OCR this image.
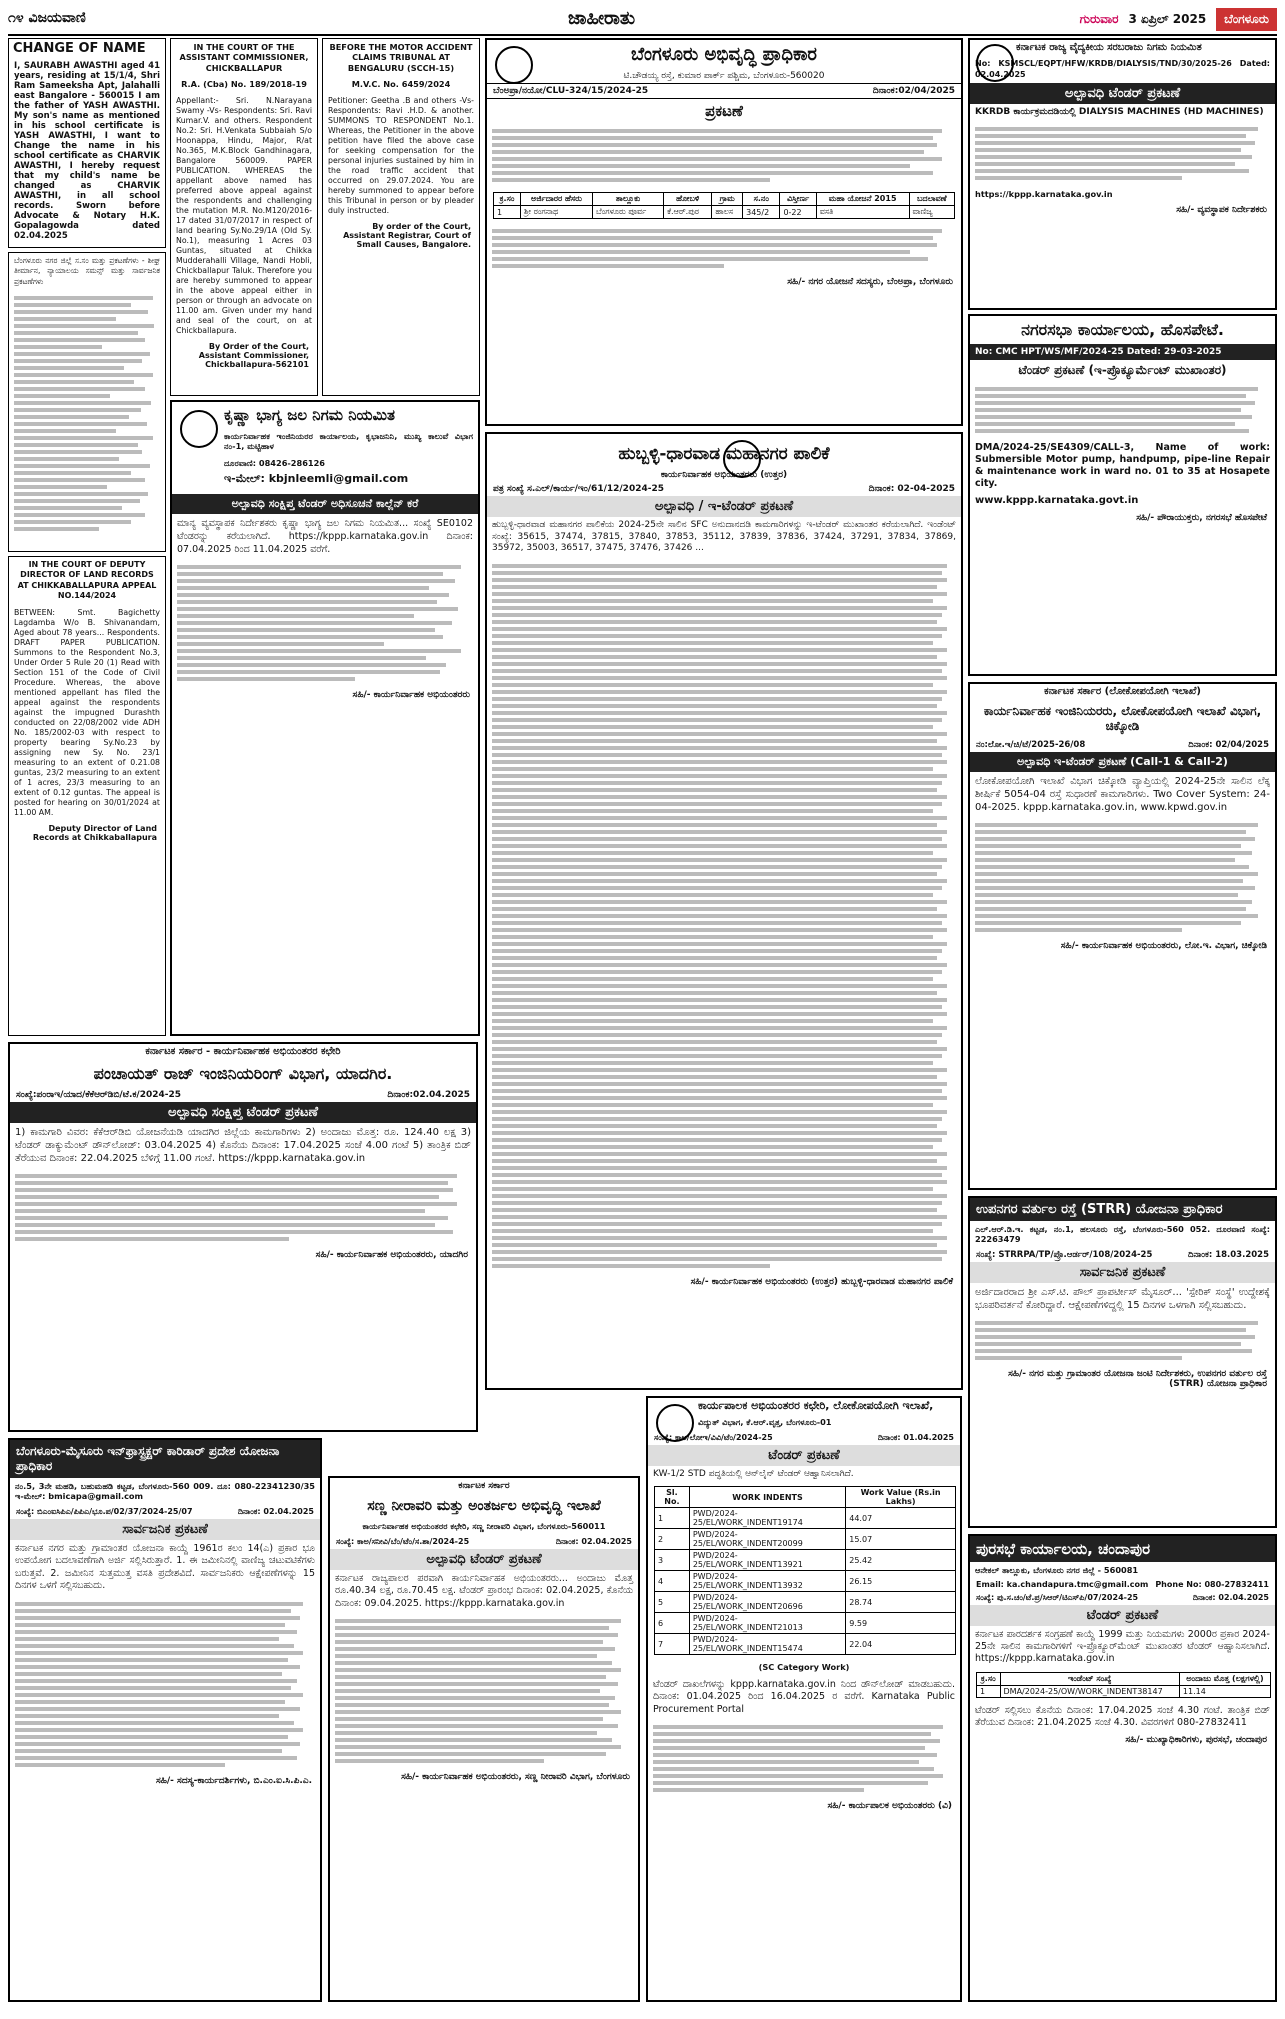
೧೪ ವಿಜಯವಾಣಿ	ಜಾಹೀರಾತು	ಗುರುವಾರ 3 ಏಪ್ರಿಲ್ 2025	ಬೆಂಗಳೂರು
CHANGE OF NAME
I, SAURABH AWASTHI aged 41 years, residing at 15/1/4, Shri Ram Sameeksha Apt, Jalahalli east Bangalore - 560015 I am the father of YASH AWASTHI. My son's name as mentioned in his school certificate is YASH AWASTHI, I want to Change the name in his school certificate as CHARVIK AWASTHI, I hereby request that my child's name be changed as CHARVIK AWASTHI, in all school records. Sworn before Advocate & Notary H.K. Gopalagowda dated 02.04.2025
ಬೆಂಗಳೂರು ನಗರ ಜಿಲ್ಲೆ ಸ.ಸಂ ಮತ್ತು ಪ್ರಕಟಣೆಗಳು - ಶೀಘ್ರ ತೀರ್ಮಾನ, ನ್ಯಾಯಾಲಯ ಸಮನ್ಸ್ ಮತ್ತು ಸಾರ್ವಜನಿಕ ಪ್ರಕಟಣೆಗಳು
IN THE COURT OF DEPUTY DIRECTOR OF LAND RECORDS AT CHIKKABALLAPURA APPEAL NO.144/2024
BETWEEN: Smt. Bagichetty Lagdamba W/o B. Shivanandam, Aged about 78 years... Respondents. DRAFT PAPER PUBLICATION. Summons to the Respondent No.3, Under Order 5 Rule 20 (1) Read with Section 151 of the Code of Civil Procedure. Whereas, the above mentioned appellant has filed the appeal against the respondents against the impugned Durashth conducted on 22/08/2002 vide ADH No. 185/2002-03 with respect to property bearing Sy.No.23 by assigning new Sy. No. 23/1 measuring to an extent of 0.21.08 guntas, 23/2 measuring to an extent of 1 acres, 23/3 measuring to an extent of 0.12 guntas. The appeal is posted for hearing on 30/01/2024 at 11.00 AM.
Deputy Director of Land Records at Chikkaballapura
IN THE COURT OF THE ASSISTANT COMMISSIONER, CHICKBALLAPUR
R.A. (Cba) No. 189/2018-19
Appellant:- Sri. N.Narayana Swamy -Vs- Respondents: Sri. Ravi Kumar.V. and others. Respondent No.2: Sri. H.Venkata Subbaiah S/o Hoonappa, Hindu, Major, R/at No.365, M.K.Block Gandhinagara, Bangalore 560009. PAPER PUBLICATION. WHEREAS the appellant above named has preferred above appeal against the respondents and challenging the mutation M.R. No.M120/2016-17 dated 31/07/2017 in respect of land bearing Sy.No.29/1A (Old Sy. No.1), measuring 1 Acres 03 Guntas, situated at Chikka Mudderahalli Village, Nandi Hobli, Chickballapur Taluk. Therefore you are hereby summoned to appear in the above appeal either in person or through an advocate on 11.00 am. Given under my hand and seal of the court, on at Chickballapura.
By Order of the Court, Assistant Commissioner, Chickballapura-562101
BEFORE THE MOTOR ACCIDENT CLAIMS TRIBUNAL AT BENGALURU (SCCH-15)
M.V.C. No. 6459/2024
Petitioner: Geetha .B and others -Vs- Respondents: Ravi .H.D. & another. SUMMONS TO RESPONDENT No.1. Whereas, the Petitioner in the above petition have filed the above case for seeking compensation for the personal injuries sustained by him in the road traffic accident that occurred on 29.07.2024. You are hereby summoned to appear before this Tribunal in person or by pleader duly instructed.
By order of the Court, Assistant Registrar, Court of Small Causes, Bangalore.
ಕೃಷ್ಣಾ ಭಾಗ್ಯ ಜಲ ನಿಗಮ ನಿಯಮಿತ
ಕಾರ್ಯನಿರ್ವಾಹಕ ಇಂಜಿನಿಯರರ ಕಾರ್ಯಾಲಯ, ಕೃಭಾಜನಿನಿ, ಮುಖ್ಯ ಕಾಲುವೆ ವಿಭಾಗ ನಂ-1, ಮಟ್ಟಿಹಾಳ
ದೂರವಾಣಿ: 08426-286126
ಇ-ಮೇಲ್: kbjnleemli@gmail.com
ಅಲ್ಪಾವಧಿ ಸಂಕ್ಷಿಪ್ತ ಟೆಂಡರ್ ಅಧಿಸೂಚನೆ ಕಾಲ್ಲೆನ್ ಕರೆ
ಮಾನ್ಯ ವ್ಯವಸ್ಥಾಪಕ ನಿರ್ದೇಶಕರು ಕೃಷ್ಣಾ ಭಾಗ್ಯ ಜಲ ನಿಗಮ ನಿಯಮಿತ... ಸಂಖ್ಯೆ SE0102 ಟೆಂಡರನ್ನು ಕರೆಯಲಾಗಿದೆ. https://kppp.karnataka.gov.in ದಿನಾಂಕ: 07.04.2025 ರಿಂದ 11.04.2025 ವರೆಗೆ.
ಸಹಿ/- ಕಾರ್ಯನಿರ್ವಾಹಕ ಅಭಿಯಂತರರು
ಬೆಂಗಳೂರು ಅಭಿವೃದ್ಧಿ ಪ್ರಾಧಿಕಾರ
ಟಿ.ಚೌಡಯ್ಯ ರಸ್ತೆ, ಕುಮಾರ ಪಾರ್ಕ್ ಪಶ್ಚಿಮ, ಬೆಂಗಳೂರು-560020
ಬೆಂಅಪ್ರಾ/ನಯೋ/CLU-324/15/2024-25	ದಿನಾಂಕ:02/04/2025
ಪ್ರಕಟಣೆ
ಕ್ರ.ಸಂ	ಅರ್ಜಿದಾರರ ಹೆಸರು	ತಾಲ್ಲೂಕು	ಹೋಬಳಿ	ಗ್ರಾಮ	ಸ.ನಂ	ವಿಸ್ತೀರ್ಣ	ಮಹಾ ಯೋಜನೆ 2015	ಬದಲಾವಣೆ
1	ಶ್ರೀ ರಂಗನಾಥ	ಬೆಂಗಳೂರು ಪೂರ್ವ	ಕೆ.ಆರ್.ಪುರ	ಹಾಲಸ	345/2	0-22	ವಸತಿ	ವಾಣಿಜ್ಯ
ಸಹಿ/- ನಗರ ಯೋಜನೆ ಸದಸ್ಯರು, ಬೆಂಅಪ್ರಾ, ಬೆಂಗಳೂರು
ಹುಬ್ಬಳ್ಳಿ-ಧಾರವಾಡ ಮಹಾನಗರ ಪಾಲಿಕೆ
ಕಾರ್ಯನಿರ್ವಾಹಕ ಅಭಿಯಂತರರು (ಉತ್ತರ)
ಪತ್ರ ಸಂಖ್ಯೆ ಸ.ಎಲ್/ಕಾರ್ಯ/ಇಂ/61/12/2024-25	ದಿನಾಂಕ: 02-04-2025
ಅಲ್ಪಾವಧಿ / ಇ-ಟೆಂಡರ್ ಪ್ರಕಟಣೆ
ಹುಬ್ಬಳ್ಳಿ-ಧಾರವಾಡ ಮಹಾನಗರ ಪಾಲಿಕೆಯ 2024-25ನೇ ಸಾಲಿನ SFC ಅನುದಾನದಡಿ ಕಾಮಗಾರಿಗಳನ್ನು ಇ-ಟೆಂಡರ್ ಮುಖಾಂತರ ಕರೆಯಲಾಗಿದೆ. ಇಂಡೆಂಟ್ ಸಂಖ್ಯೆ: 35615, 37474, 37815, 37840, 37853, 35112, 37839, 37836, 37424, 37291, 37834, 37869, 35972, 35003, 36517, 37475, 37476, 37426 ...
ಸಹಿ/- ಕಾರ್ಯನಿರ್ವಾಹಕ ಅಭಿಯಂತರರು (ಉತ್ತರ) ಹುಬ್ಬಳ್ಳಿ-ಧಾರವಾಡ ಮಹಾನಗರ ಪಾಲಿಕೆ
ಕರ್ನಾಟಕ ರಾಜ್ಯ ವೈದ್ಯಕೀಯ ಸರಬರಾಜು ನಿಗಮ ನಿಯಮಿತ
No: KSMSCL/EQPT/HFW/KRDB/DIALYSIS/TND/30/2025-26 Dated: 02.04.2025
ಅಲ್ಪಾವಧಿ ಟೆಂಡರ್ ಪ್ರಕಟಣೆ
KKRDB ಕಾರ್ಯಕ್ರಮದಡಿಯಲ್ಲಿ DIALYSIS MACHINES (HD MACHINES)
https://kppp.karnataka.gov.in
ಸಹಿ/- ವ್ಯವಸ್ಥಾಪಕ ನಿರ್ದೇಶಕರು
ನಗರಸಭಾ ಕಾರ್ಯಾಲಯ, ಹೊಸಪೇಟೆ.
No: CMC HPT/WS/MF/2024-25 Dated: 29-03-2025
ಟೆಂಡರ್ ಪ್ರಕಟಣೆ (ಇ-ಪ್ರೊಕ್ಯೂರ್ಮೆಂಟ್ ಮುಖಾಂತರ)
DMA/2024-25/SE4309/CALL-3, Name of work: Submersible Motor pump, handpump, pipe-line Repair & maintenance work in ward no. 01 to 35 at Hosapete city.
www.kppp.karnataka.govt.in
ಸಹಿ/- ಪೌರಾಯುಕ್ತರು, ನಗರಸಭೆ ಹೊಸಪೇಟೆ
ಕರ್ನಾಟಕ ಸರ್ಕಾರ (ಲೋಕೋಪಯೋಗಿ ಇಲಾಖೆ)
ಕಾರ್ಯನಿರ್ವಾಹಕ ಇಂಜಿನಿಯರರು, ಲೋಕೋಪಯೋಗಿ ಇಲಾಖೆ ವಿಭಾಗ, ಚಿಕ್ಕೋಡಿ
ನಂ:ಲೋ.ಇ/ಚಿ/ಟೆ/2025-26/08	ದಿನಾಂಕ: 02/04/2025
ಅಲ್ಪಾವಧಿ ಇ-ಟೆಂಡರ್ ಪ್ರಕಟಣೆ (Call-1 & Call-2)
ಲೋಕೋಪಯೋಗಿ ಇಲಾಖೆ ವಿಭಾಗ ಚಿಕ್ಕೋಡಿ ವ್ಯಾಪ್ತಿಯಲ್ಲಿ 2024-25ನೇ ಸಾಲಿನ ಲೆಕ್ಕ ಶೀರ್ಷಿಕೆ 5054-04 ರಸ್ತೆ ಸುಧಾರಣೆ ಕಾಮಗಾರಿಗಳು. Two Cover System: 24-04-2025. kppp.karnataka.gov.in, www.kpwd.gov.in
ಸಹಿ/- ಕಾರ್ಯನಿರ್ವಾಹಕ ಅಭಿಯಂತರರು, ಲೋ.ಇ. ವಿಭಾಗ, ಚಿಕ್ಕೋಡಿ
ಉಪನಗರ ವರ್ತುಲ ರಸ್ತೆ (STRR) ಯೋಜನಾ ಪ್ರಾಧಿಕಾರ
ಎಲ್.ಆರ್.ಡಿ.ಇ. ಕಟ್ಟಡ, ನಂ.1, ಹಲಸೂರು ರಸ್ತೆ, ಬೆಂಗಳೂರು-560 052. ದೂರವಾಣಿ ಸಂಖ್ಯೆ: 22263479
ಸಂಖ್ಯೆ: STRRPA/TP/ಪ್ರೊ.ಆರ್ಡರ್/108/2024-25	ದಿನಾಂಕ: 18.03.2025
ಸಾರ್ವಜನಿಕ ಪ್ರಕಟಣೆ
ಅರ್ಜಿದಾರರಾದ ಶ್ರೀ ಎಸ್.ಟಿ. ಪೌಲ್ ಪ್ರಾಪರ್ಟೀಸ್ ಮೈಸೂರ್... 'ಸ್ಪೇರಿಕ್ ಸಂಸ್ಥೆ' ಉದ್ದೇಶಕ್ಕೆ ಭೂಪರಿವರ್ತನೆ ಕೋರಿದ್ದಾರೆ. ಆಕ್ಷೇಪಣೆಗಳಿದ್ದಲ್ಲಿ 15 ದಿನಗಳ ಒಳಗಾಗಿ ಸಲ್ಲಿಸಬಹುದು.
ಸಹಿ/- ನಗರ ಮತ್ತು ಗ್ರಾಮಾಂತರ ಯೋಜನಾ ಜಂಟಿ ನಿರ್ದೇಶಕರು, ಉಪನಗರ ವರ್ತುಲ ರಸ್ತೆ (STRR) ಯೋಜನಾ ಪ್ರಾಧಿಕಾರ
ಪುರಸಭೆ ಕಾರ್ಯಾಲಯ, ಚಂದಾಪುರ
ಆನೇಕಲ್ ತಾಲ್ಲೂಕು, ಬೆಂಗಳೂರು ನಗರ ಜಿಲ್ಲೆ - 560081
Email: ka.chandapura.tmc@gmail.com Phone No: 080-27832411
ಸಂಖ್ಯೆ: ಪು.ಸ.ಚಂ/ಟೆ.ಪ್ರ/ಸಿಆರ್/ಟಿಎಸ್‌ಪಿ/07/2024-25	ದಿನಾಂಕ: 02.04.2025
ಟೆಂಡರ್ ಪ್ರಕಟಣೆ
ಕರ್ನಾಟಕ ಪಾರದರ್ಶಕ ಸಂಗ್ರಹಣೆ ಕಾಯ್ದೆ 1999 ಮತ್ತು ನಿಯಮಗಳು 2000ರ ಪ್ರಕಾರ 2024-25ನೇ ಸಾಲಿನ ಕಾಮಗಾರಿಗಳಿಗೆ ಇ-ಪ್ರೊಕ್ಯೂರ್‌ಮೆಂಟ್ ಮುಖಾಂತರ ಟೆಂಡರ್ ಆಹ್ವಾನಿಸಲಾಗಿದೆ. https://kppp.karnataka.gov.in
ಕ್ರ.ಸಂ	ಇಂಡೆಂಟ್ ಸಂಖ್ಯೆ	ಅಂದಾಜು ಮೊತ್ತ (ಲಕ್ಷಗಳಲ್ಲಿ)
1	DMA/2024-25/OW/WORK_INDENT38147	11.14
ಟೆಂಡರ್ ಸಲ್ಲಿಸಲು ಕೊನೆಯ ದಿನಾಂಕ: 17.04.2025 ಸಂಜೆ 4.30 ಗಂಟೆ. ತಾಂತ್ರಿಕ ಬಿಡ್ ತೆರೆಯುವ ದಿನಾಂಕ: 21.04.2025 ಸಂಜೆ 4.30. ವಿವರಗಳಿಗೆ 080-27832411
ಸಹಿ/- ಮುಖ್ಯಾಧಿಕಾರಿಗಳು, ಪುರಸಭೆ, ಚಂದಾಪುರ
ಕರ್ನಾಟಕ ಸರ್ಕಾರ - ಕಾರ್ಯನಿರ್ವಾಹಕ ಅಭಿಯಂತರರ ಕಛೇರಿ
ಪಂಚಾಯತ್ ರಾಜ್ ಇಂಜಿನಿಯರಿಂಗ್ ವಿಭಾಗ, ಯಾದಗಿರ.
ಸಂಖ್ಯೆ:ಪಂರಾಇ/ಯಾದ/ಕೆಕೆಆರ್‌ಡಿಬಿ/ಟೆ.ಕ/2024-25	ದಿನಾಂಕ:02.04.2025
ಅಲ್ಪಾವಧಿ ಸಂಕ್ಷಿಪ್ತ ಟೆಂಡರ್ ಪ್ರಕಟಣೆ
1) ಕಾಮಗಾರಿ ವಿವರ: ಕೆಕೆಆರ್‌ಡಿಬಿ ಯೋಜನೆಯಡಿ ಯಾದಗಿರ ಜಿಲ್ಲೆಯ ಕಾಮಗಾರಿಗಳು 2) ಅಂದಾಜು ಮೊತ್ತ: ರೂ. 124.40 ಲಕ್ಷ 3) ಟೆಂಡರ್ ಡಾಕ್ಯುಮೆಂಟ್ ಡೌನ್‌ಲೋಡ್: 03.04.2025 4) ಕೊನೆಯ ದಿನಾಂಕ: 17.04.2025 ಸಂಜೆ 4.00 ಗಂಟೆ 5) ತಾಂತ್ರಿಕ ಬಿಡ್ ತೆರೆಯುವ ದಿನಾಂಕ: 22.04.2025 ಬೆಳಿಗ್ಗೆ 11.00 ಗಂಟೆ. https://kppp.karnataka.gov.in
ಸಹಿ/- ಕಾರ್ಯನಿರ್ವಾಹಕ ಅಭಿಯಂತರರು, ಯಾದಗಿರ
ಬೆಂಗಳೂರು-ಮೈಸೂರು ಇನ್‌ಫ್ರಾಸ್ಟ್ರಕ್ಚರ್ ಕಾರಿಡಾರ್ ಪ್ರದೇಶ ಯೋಜನಾ ಪ್ರಾಧಿಕಾರ
ನಂ.5, 3ನೇ ಮಹಡಿ, ಬಹುಮಹಡಿ ಕಟ್ಟಡ, ಬೆಂಗಳೂರು-560 009. ದೂ: 080-22341230/35 ಇ-ಮೇಲ್: bmicapa@gmail.com
ಸಂಖ್ಯೆ: ಬಿಎಂಐಸಿಪಿಎ/ಪಿಪಿಎ/ಭೂ.ಪ/02/37/2024-25/07	ದಿನಾಂಕ: 02.04.2025
ಸಾರ್ವಜನಿಕ ಪ್ರಕಟಣೆ
ಕರ್ನಾಟಕ ನಗರ ಮತ್ತು ಗ್ರಾಮಾಂತರ ಯೋಜನಾ ಕಾಯ್ದೆ 1961ರ ಕಲಂ 14(ಎ) ಪ್ರಕಾರ ಭೂ ಉಪಯೋಗ ಬದಲಾವಣೆಗಾಗಿ ಅರ್ಜಿ ಸಲ್ಲಿಸಿರುತ್ತಾರೆ. 1. ಈ ಜಮೀನಿನಲ್ಲಿ ವಾಣಿಜ್ಯ ಚಟುವಟಿಕೆಗಳು ಬರುತ್ತವೆ. 2. ಜಮೀನಿನ ಸುತ್ತಮುತ್ತ ವಸತಿ ಪ್ರದೇಶವಿದೆ. ಸಾರ್ವಜನಿಕರು ಆಕ್ಷೇಪಣೆಗಳನ್ನು 15 ದಿನಗಳ ಒಳಗೆ ಸಲ್ಲಿಸಬಹುದು.
ಸಹಿ/- ಸದಸ್ಯ-ಕಾರ್ಯದರ್ಶಿಗಳು, ಬಿ.ಎಂ.ಐ.ಸಿ.ಪಿ.ಎ.
ಕರ್ನಾಟಕ ಸರ್ಕಾರ
ಸಣ್ಣ ನೀರಾವರಿ ಮತ್ತು ಅಂತರ್ಜಲ ಅಭಿವೃದ್ಧಿ ಇಲಾಖೆ
ಕಾರ್ಯನಿರ್ವಾಹಕ ಅಭಿಯಂತರರ ಕಛೇರಿ, ಸಣ್ಣ ನೀರಾವರಿ ವಿಭಾಗ, ಬೆಂಗಳೂರು-560011
ಸಂಖ್ಯೆ: ಕಾಅ/ಸನೀವಿ/ಬೆಂ/ಟೆಂ/ಸ.ಶಾ/2024-25	ದಿನಾಂಕ: 02.04.2025
ಅಲ್ಪಾವಧಿ ಟೆಂಡರ್ ಪ್ರಕಟಣೆ
ಕರ್ನಾಟಕ ರಾಜ್ಯಪಾಲರ ಪರವಾಗಿ ಕಾರ್ಯನಿರ್ವಾಹಕ ಅಭಿಯಂತರರು... ಅಂದಾಜು ಮೊತ್ತ ರೂ.40.34 ಲಕ್ಷ, ರೂ.70.45 ಲಕ್ಷ. ಟೆಂಡರ್ ಪ್ರಾರಂಭ ದಿನಾಂಕ: 02.04.2025, ಕೊನೆಯ ದಿನಾಂಕ: 09.04.2025. https://kppp.karnataka.gov.in
ಸಹಿ/- ಕಾರ್ಯನಿರ್ವಾಹಕ ಅಭಿಯಂತರರು, ಸಣ್ಣ ನೀರಾವರಿ ವಿಭಾಗ, ಬೆಂಗಳೂರು
ಕಾರ್ಯಪಾಲಕ ಅಭಿಯಂತರರ ಕಛೇರಿ, ಲೋಕೋಪಯೋಗಿ ಇಲಾಖೆ,
ವಿದ್ಯುತ್ ವಿಭಾಗ, ಕೆ.ಆರ್.ವೃತ್ತ, ಬೆಂಗಳೂರು-01
ಸಂಖ್ಯೆ: ಕಾಅ/ಲೋಇ/ವಿವಿ/ಟೆಂ/2024-25	ದಿನಾಂಕ: 01.04.2025
ಟೆಂಡರ್ ಪ್ರಕಟಣೆ
KW-1/2 STD ಪದ್ಧತಿಯಲ್ಲಿ ಆನ್‌ಲೈನ್ ಟೆಂಡರ್ ಆಹ್ವಾನಿಸಲಾಗಿದೆ.
Sl. No.	WORK INDENTS	Work Value (Rs.in Lakhs)
1	PWD/2024-25/EL/WORK_INDENT19174	44.07
2	PWD/2024-25/EL/WORK_INDENT20099	15.07
3	PWD/2024-25/EL/WORK_INDENT13921	25.42
4	PWD/2024-25/EL/WORK_INDENT13932	26.15
5	PWD/2024-25/EL/WORK_INDENT20696	28.74
6	PWD/2024-25/EL/WORK_INDENT21013	9.59
7	PWD/2024-25/EL/WORK_INDENT15474	22.04
(SC Category Work)
ಟೆಂಡರ್ ದಾಖಲೆಗಳನ್ನು kppp.karnataka.gov.in ನಿಂದ ಡೌನ್‌ಲೋಡ್ ಮಾಡಬಹುದು. ದಿನಾಂಕ: 01.04.2025 ರಿಂದ 16.04.2025 ರ ವರೆಗೆ. Karnataka Public Procurement Portal
ಸಹಿ/- ಕಾರ್ಯಪಾಲಕ ಅಭಿಯಂತರರು (ವಿ)
